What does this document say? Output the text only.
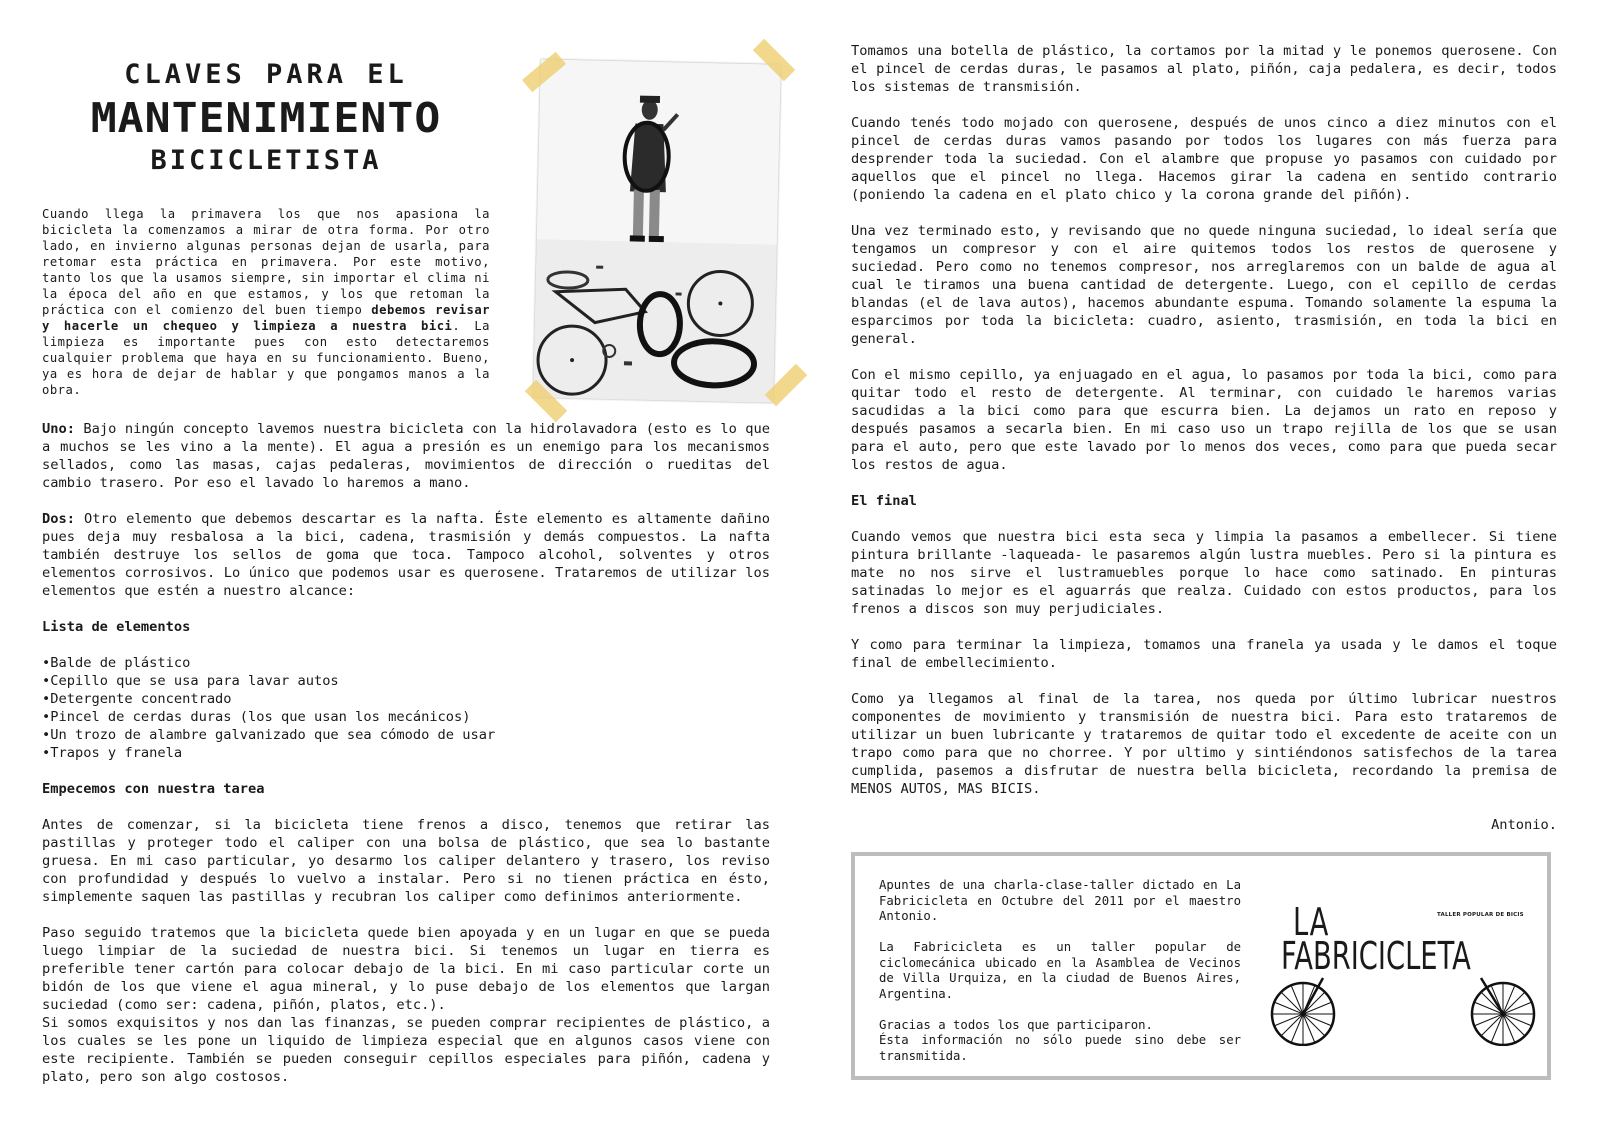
CLAVES PARA EL
MANTENIMIENTO
BICICLETISTA
Cuando llega la primavera los que nos apasiona la bicicleta la comenzamos a mirar de otra forma. Por otro lado, en invierno algunas personas dejan de usarla, para retomar esta práctica en primavera. Por este motivo, tanto los que la usamos siempre, sin importar el clima ni la época del año en que estamos, y los que retoman la práctica con el comienzo del buen tiempo debemos revisar y hacerle un chequeo y limpieza a nuestra bici. La limpieza es importante pues con esto detectaremos cualquier problema que haya en su funcionamiento. Bueno, ya es hora de dejar de hablar y que pongamos manos a la obra.

Uno: Bajo ningún concepto lavemos nuestra bicicleta con la hidrolavadora (esto es lo que a muchos se les vino a la mente). El agua a presión es un enemigo para los mecanismos sellados, como las masas, cajas pedaleras, movimientos de dirección o rueditas del cambio trasero. Por eso el lavado lo haremos a mano.

Dos: Otro elemento que debemos descartar es la nafta. Éste elemento es altamente dañino pues deja muy resbalosa a la bici, cadena, trasmisión y demás compuestos. La nafta también destruye los sellos de goma que toca. Tampoco alcohol, solventes y otros elementos corrosivos. Lo único que podemos usar es querosene. Trataremos de utilizar los elementos que estén a nuestro alcance:

Lista de elementos
• Balde de plástico
• Cepillo que se usa para lavar autos
• Detergente concentrado
• Pincel de cerdas duras (los que usan los mecánicos)
• Un trozo de alambre galvanizado que sea cómodo de usar
• Trapos y franela
Empecemos con nuestra tarea

Antes de comenzar, si la bicicleta tiene frenos a disco, tenemos que retirar las pastillas y proteger todo el caliper con una bolsa de plástico, que sea lo bastante gruesa. En mi caso particular, yo desarmo los caliper delantero y trasero, los reviso con profundidad y después lo vuelvo a instalar. Pero si no tienen práctica en ésto, simplemente saquen las pastillas y recubran los caliper como definimos anteriormente.

Paso seguido tratemos que la bicicleta quede bien apoyada y en un lugar en que se pueda luego limpiar de la suciedad de nuestra bici. Si tenemos un lugar en tierra es preferible tener cartón para colocar debajo de la bici. En mi caso particular corte un bidón de los que viene el agua mineral, y lo puse debajo de los elementos que largan suciedad (como ser: cadena, piñón, platos, etc.).

Si somos exquisitos y nos dan las finanzas, se pueden comprar recipientes de plástico, a los cuales se les pone un liquido de limpieza especial que en algunos casos viene con este recipiente. También se pueden conseguir cepillos especiales para piñón, cadena y plato, pero son algo costosos.

Tomamos una botella de plástico, la cortamos por la mitad y le ponemos querosene. Con el pincel de cerdas duras, le pasamos al plato, piñón, caja pedalera, es decir, todos los sistemas de transmisión.

Cuando tenés todo mojado con querosene, después de unos cinco a diez minutos con el pincel de cerdas duras vamos pasando por todos los lugares con más fuerza para desprender toda la suciedad. Con el alambre que propuse yo pasamos con cuidado por aquellos que el pincel no llega. Hacemos girar la cadena en sentido contrario (poniendo la cadena en el plato chico y la corona grande del piñón).

Una vez terminado esto, y revisando que no quede ninguna suciedad, lo ideal sería que tengamos un compresor y con el aire quitemos todos los restos de querosene y suciedad. Pero como no tenemos compresor, nos arreglaremos con un balde de agua al cual le tiramos una buena cantidad de detergente. Luego, con el cepillo de cerdas blandas (el de lava autos), hacemos abundante espuma. Tomando solamente la espuma la esparcimos por toda la bicicleta: cuadro, asiento, trasmisión, en toda la bici en general.

Con el mismo cepillo, ya enjuagado en el agua, lo pasamos por toda la bici, como para quitar todo el resto de detergente. Al terminar, con cuidado le haremos varias sacudidas a la bici como para que escurra bien. La dejamos un rato en reposo y después pasamos a secarla bien. En mi caso uso un trapo rejilla de los que se usan para el auto, pero que este lavado por lo menos dos veces, como para que pueda secar los restos de agua.

El final

Cuando vemos que nuestra bici esta seca y limpia la pasamos a embellecer. Si tiene pintura brillante -laqueada- le pasaremos algún lustra muebles. Pero si la pintura es mate no nos sirve el lustramuebles porque lo hace como satinado. En pinturas satinadas lo mejor es el aguarrás que realza. Cuidado con estos productos, para los frenos a discos son muy perjudiciales.

Y como para terminar la limpieza, tomamos una franela ya usada y le damos el toque final de embellecimiento.

Como ya llegamos al final de la tarea, nos queda por último lubricar nuestros componentes de movimiento y transmisión de nuestra bici. Para esto trataremos de utilizar un buen lubricante y trataremos de quitar todo el excedente de aceite con un trapo como para que no chorree. Y por ultimo y sintiéndonos satisfechos de la tarea cumplida, pasemos a disfrutar de nuestra bella bicicleta, recordando la premisa de MENOS AUTOS, MAS BICIS.

Antonio.

Apuntes de una charla-clase-taller dictado en La Fabricicleta en Octubre del 2011 por el maestro Antonio.

La Fabricicleta es un taller popular de ciclomecánica ubicado en la Asamblea de Vecinos de Villa Urquiza, en la ciudad de Buenos Aires, Argentina.

Gracias a todos los que participaron.
Ésta información no sólo puede sino debe ser transmitida.
LA	TALLER POPULAR DE BICIS
FABRICICLETA
